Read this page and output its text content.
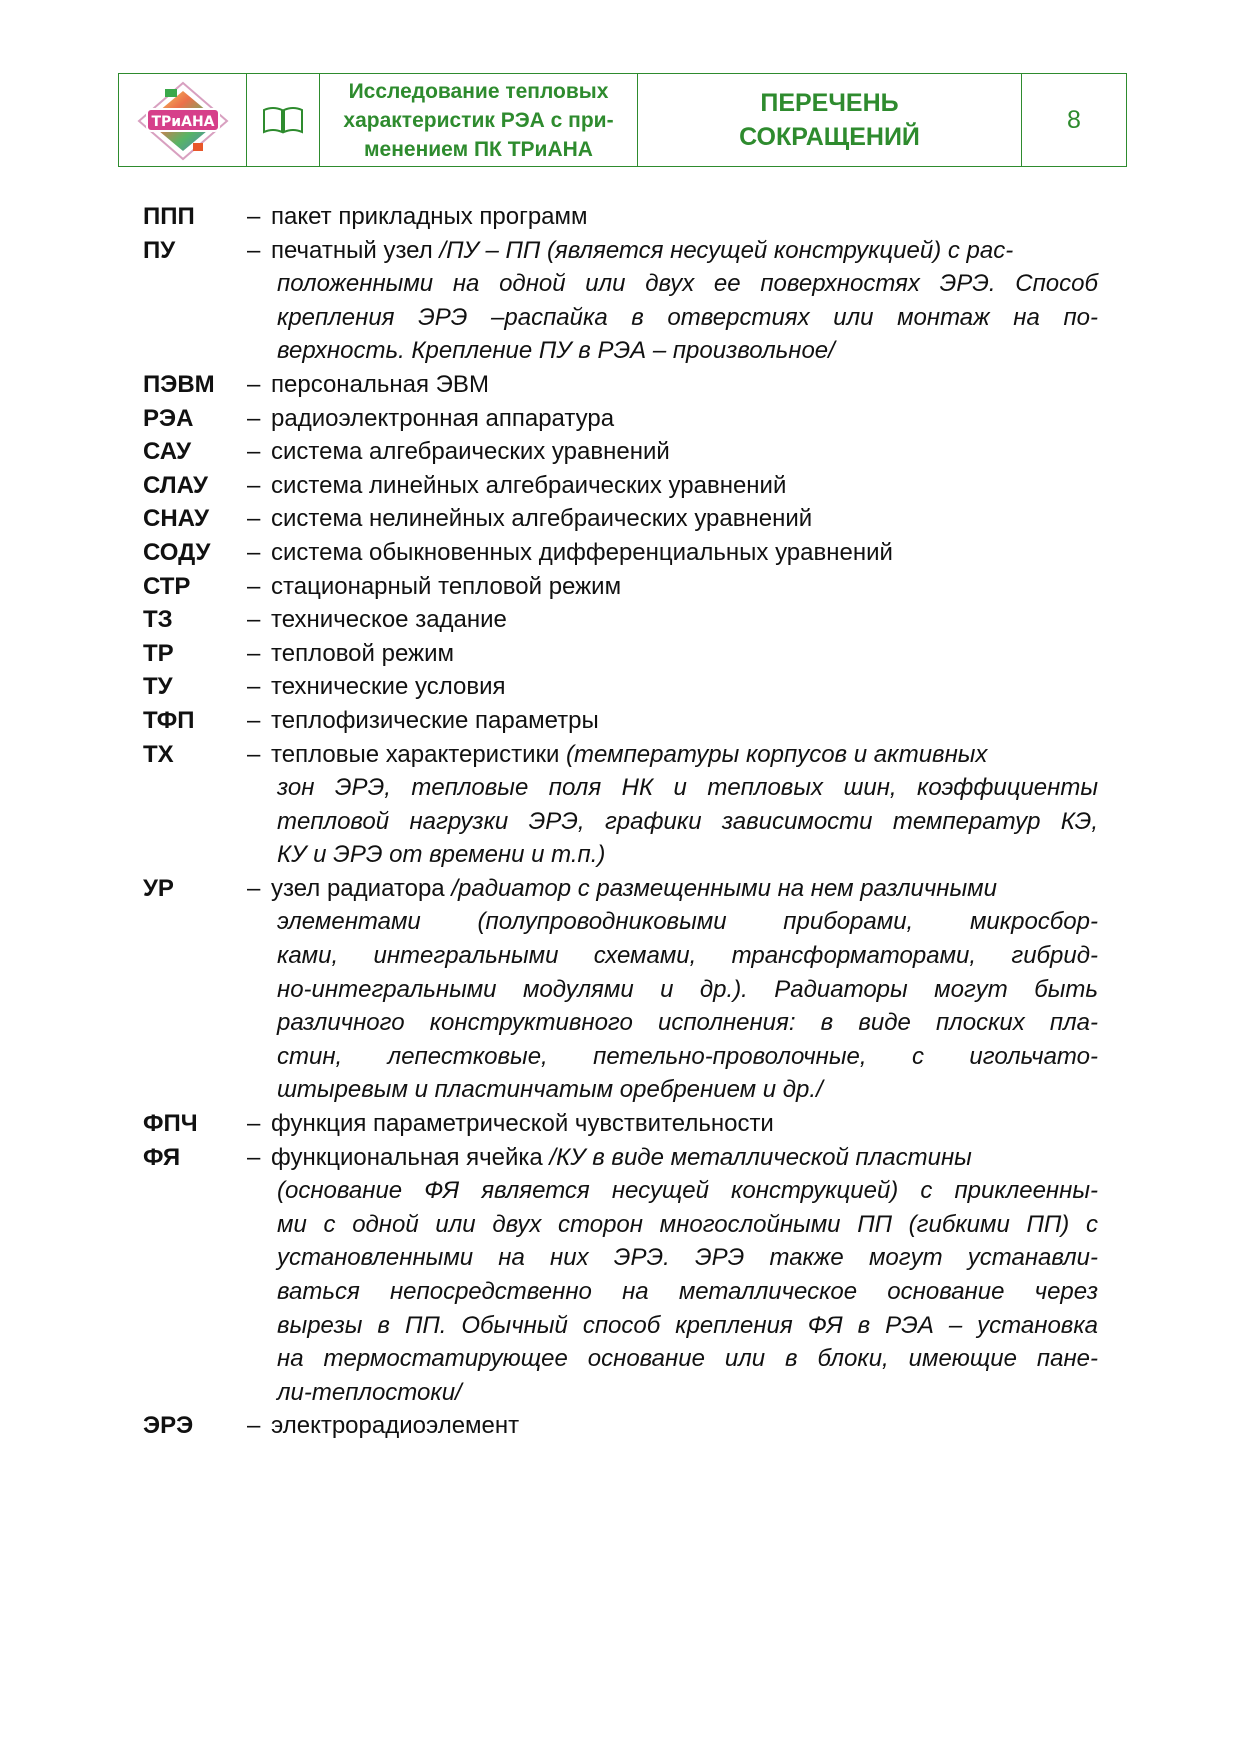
ТРиАНА
Исследование тепловых
характеристик РЭА с при-
менением ПК ТРиАНА
ПЕРЕЧЕНЬ
СОКРАЩЕНИЙ
8
ППП – пакет прикладных программ
ПУ	– печатный узел /ПУ – ПП (является несущей конструкцией) с рас-
положенными на одной или двух ее поверхностях ЭРЭ. Способ
крепления ЭРЭ –распайка в отверстиях или монтаж на по-
верхность. Крепление ПУ в РЭА – произвольное/
ПЭВМ – персональная ЭВМ
РЭА – радиоэлектронная аппаратура
САУ – система алгебраических уравнений
СЛАУ – система линейных алгебраических уравнений
СНАУ – система нелинейных алгебраических уравнений
СОДУ – система обыкновенных дифференциальных уравнений
СТР – стационарный тепловой режим
ТЗ	– техническое задание
ТР	– тепловой режим
ТУ	– технические условия
ТФП – теплофизические параметры
ТХ	– тепловые характеристики (температуры корпусов и активных
зон ЭРЭ, тепловые поля НК и тепловых шин, коэффициенты
тепловой нагрузки ЭРЭ, графики зависимости температур КЭ,
КУ и ЭРЭ от времени и т.п.)
УР	– узел радиатора /радиатор с размещенными на нем различными
элементами (полупроводниковыми приборами, микросбор-
ками, интегральными схемами, трансформаторами, гибрид-
но-интегральными модулями и др.). Радиаторы могут быть
различного конструктивного исполнения: в виде плоских пла-
стин, лепестковые, петельно-проволочные, с игольчато-
штыревым и пластинчатым оребрением и др./
ФПЧ – функция параметрической чувствительности
ФЯ	– функциональная ячейка /КУ в виде металлической пластины
(основание ФЯ является несущей конструкцией) с приклеенны-
ми с одной или двух сторон многослойными ПП (гибкими ПП) с
установленными на них ЭРЭ. ЭРЭ также могут устанавли-
ваться непосредственно на металлическое основание через
вырезы в ПП. Обычный способ крепления ФЯ в РЭА – установка
на термостатирующее основание или в блоки, имеющие пане-
ли-теплостоки/
ЭРЭ – электрорадиоэлемент
